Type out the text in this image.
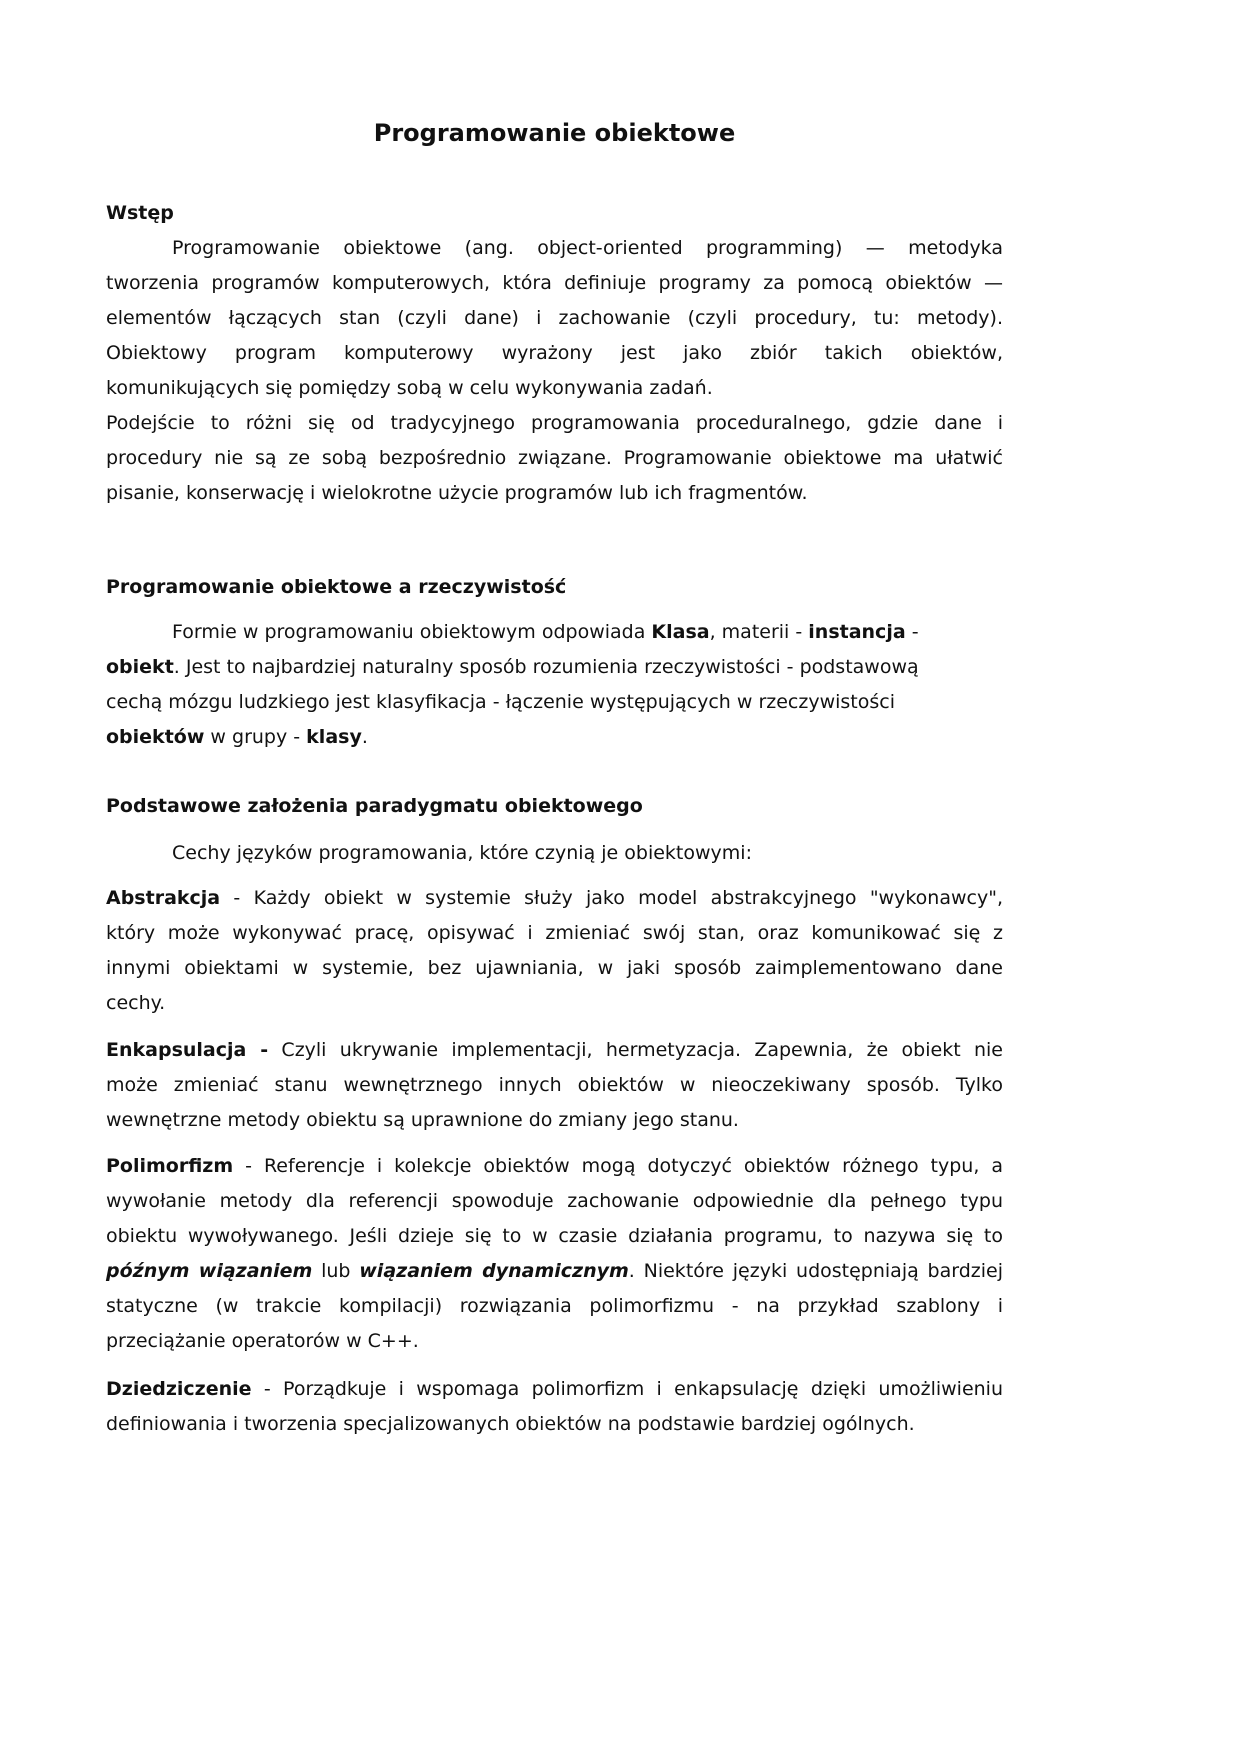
Programowanie obiektowe
Wstęp
Programowanie obiektowe (ang. object-oriented programming) — metodyka
tworzenia programów komputerowych, która definiuje programy za pomocą obiektów —
elementów łączących stan (czyli dane) i zachowanie (czyli procedury, tu: metody).
Obiektowy program komputerowy wyrażony jest jako zbiór takich obiektów,
komunikujących się pomiędzy sobą w celu wykonywania zadań.
Podejście to różni się od tradycyjnego programowania proceduralnego, gdzie dane i
procedury nie są ze sobą bezpośrednio związane. Programowanie obiektowe ma ułatwić
pisanie, konserwację i wielokrotne użycie programów lub ich fragmentów.
Programowanie obiektowe a rzeczywistość
Formie w programowaniu obiektowym odpowiada Klasa, materii - instancja -
obiekt. Jest to najbardziej naturalny sposób rozumienia rzeczywistości - podstawową
cechą mózgu ludzkiego jest klasyfikacja - łączenie występujących w rzeczywistości
obiektów w grupy - klasy.
Podstawowe założenia paradygmatu obiektowego
Cechy języków programowania, które czynią je obiektowymi:
Abstrakcja - Każdy obiekt w systemie służy jako model abstrakcyjnego "wykonawcy",
który może wykonywać pracę, opisywać i zmieniać swój stan, oraz komunikować się z
innymi obiektami w systemie, bez ujawniania, w jaki sposób zaimplementowano dane
cechy.
Enkapsulacja - Czyli ukrywanie implementacji, hermetyzacja. Zapewnia, że obiekt nie
może zmieniać stanu wewnętrznego innych obiektów w nieoczekiwany sposób. Tylko
wewnętrzne metody obiektu są uprawnione do zmiany jego stanu.
Polimorfizm - Referencje i kolekcje obiektów mogą dotyczyć obiektów różnego typu, a
wywołanie metody dla referencji spowoduje zachowanie odpowiednie dla pełnego typu
obiektu wywoływanego. Jeśli dzieje się to w czasie działania programu, to nazywa się to
późnym wiązaniem lub wiązaniem dynamicznym. Niektóre języki udostępniają bardziej
statyczne (w trakcie kompilacji) rozwiązania polimorfizmu - na przykład szablony i
przeciążanie operatorów w C++.
Dziedziczenie - Porządkuje i wspomaga polimorfizm i enkapsulację dzięki umożliwieniu
definiowania i tworzenia specjalizowanych obiektów na podstawie bardziej ogólnych.
